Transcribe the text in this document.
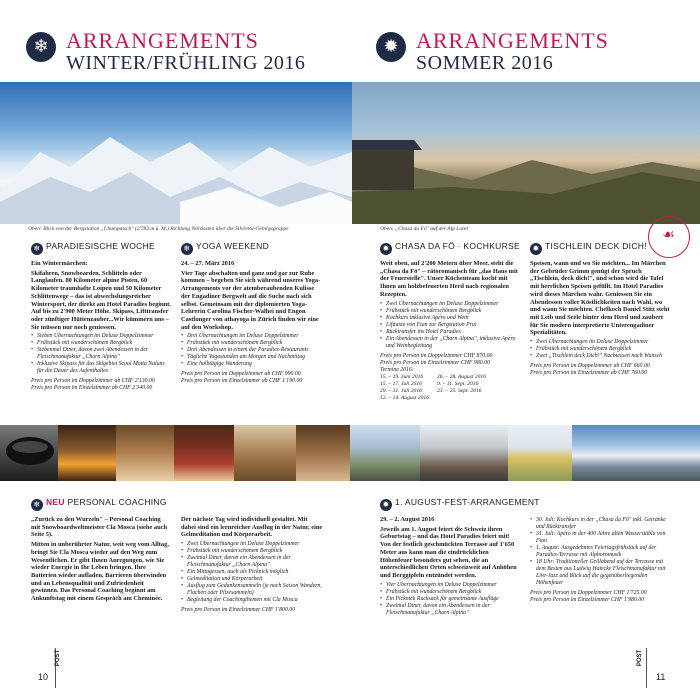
❄ ARRANGEMENTS
WINTER/FRÜHLING 2016
✹ ARRANGEMENTS
SOMMER 2016
Oben: Blick von der Bergstation „Champatsch" (2'783 m ü. M.) Richtung Nordosten über die Silvretta-Gebirgsgruppe	Oben: „Chasa da Fö" auf der Alp Laret	☙
❄ PARADIESISCHE WOCHE

Ein Wintermärchen:

Skifahren, Snowboarden, Schlitteln oder Langlaufen. 80 Kilometer alpine Pisten, 60 Kilometer traumhafte Loipen und 50 Kilometer Schlittenwege – das ist abwechslungsreicher Wintersport, der direkt am Hotel Paradies beginnt. Auf bis zu 2'900 Meter Höhe. Skipass, Lifttransfer oder zünftiger Hüttenzauber...Wir kümmern uns – Sie müssen nur noch geniessen.

• Sieben Übernachtungen im Deluxe Doppelzimmer
• Frühstück mit wunderschönem Bergblick
• Siebenmal Diner, davon zwei Abendessen in der Fleischmanufaktur „Charn Alpina"
• Inklusive Skipass für das Skigebiet Scuol Motta Naluns für die Dauer des Aufenthaltes
Preis pro Person im Doppelzimmer ab CHF 2'130.00
Preis pro Person im Einzelzimmer ab CHF 2'340.00
❄ YOGA WEEKEND

24. – 27. März 2016

Vier Tage abschalten und ganz und gar zur Ruhe kommen – begeben Sie sich während unseres Yoga-Arrangements vor der atemberaubenden Kulisse der Engadiner Bergwelt auf die Suche nach sich selbst. Gemeinsam mit der diplomierten Yoga-Lehrerin Carolina Fischer-Walhei und Engon Castlunger von athayoga in Zürich finden wir eine auf den Workshop.

• Drei Übernachtungen im Deluxe Doppelzimmer
• Frühstück mit wunderschönem Bergblick
• Drei Abendessen in einem der Paradies-Restaurants
• Tägliche Yogastunden am Morgen und Nachmittag
• Eine halbtägige Wanderung
Preis pro Person im Doppelzimmer ab CHF 990.00
Preis pro Person im Einzelzimmer ab CHF 1'190.00
✹ CHASA DA FÖ · KOCHKURSE

Weit oben, auf 2'200 Metern über Meer, steht die „Chasa da Fö" – rätoromanisch für „das Haus mit der Feuerstelle". Unser Küchenteam kocht mit Ihnen am holzbefeuerten Herd nach regionalen Rezepten.

• Zwei Übernachtungen im Deluxe Doppelzimmer
• Frühstück mit wunderschönem Bergblick
• Kochkurs inklusive Apéro und Wein
• Lifttaxte von Ftan zur Bergstation Prui
• Rücktransfer ins Hotel Paradies
• Ein Abendessen in der „Charn Alpina", inklusive Apéro und Weinbegleitung
Preis pro Person im Doppelzimmer CHF 870.00
Preis pro Person im Einzelzimmer CHF 980.00
Termine 2016:
15. – 19. Juni 2016	26. – 28. August 2016
15. – 17. Juli 2016	9. – 11. Sept. 2016
29. – 31. Juli 2016	23. – 25. Sept. 2016
12. – 14. August 2016	
✹ TISCHLEIN DECK DICH!

Speisen, wann und wo Sie möchten... Im Märchen der Gebrüder Grimm genügt der Spruch „Tischlein, deck dich!", und schon wird die Tafel mit herrlichen Speisen gefüllt. Im Hotel Paradies wird dieses Märchen wahr. Geniessen Sie ein Abendessen voller Köstlichkeiten nach Wahl, wo und wann Sie möchten. Chefkoch Daniel Stitz steht mit Leib und Seele hinter dem Herd und zaubert für Sie modern interpretierte Unterengadiner Spezialitäten.

• Zwei Übernachtungen im Deluxe Doppelzimmer
• Frühstück mit wunderschönem Bergblick
• Zwei „Tischlein deck Dich!" Nachtessen nach Wunsch
Preis pro Person im Doppelzimmer ab CHF 660.00
Preis pro Person im Einzelzimmer ab CHF 760.00
❄ NEU PERSONAL COACHING

„Zurück zu den Wurzeln" – Personal Coaching mit Snowboardweltmeister Cla Mosca (siehe auch Seite 5).

Mitten in unberührter Natur, weit weg vom Alltag, bringt Sie Cla Mosca wieder auf den Weg zum Wesentlichen. Er gibt Ihnen Anregungen, wie Sie wieder Energie in Ihr Leben bringen, Ihre Batterien wieder aufladen, Barrieren überwinden und an Lebensqualität und Zufriedenheit gewinnen. Das Personal Coaching beginnt am Ankunftstag mit einem Gespräch am Cheminée.

Der nächste Tag wird individuell gestaltet. Mit dabei sind ein lernreicher Ausflug in der Natur, eine Gelmeditation und Körperarbeit.

• Zwei Übernachtungen im Deluxe Doppelzimmer
• Frühstück mit wunderschönem Bergblick
• Zweimal Diner, davon ein Abendessen in der Fleischmanufaktur „Charn Alpina"
• Ein Mittagessen, auch als Picknick möglich
• Gelmeditation und Körperarbeit
• Ausflug zum Gedankensammeln (je nach Saison Wandern, Flachen oder Pilzesammeln)
• Begleitung der Coachingthemen mit Cla Mosca
Preis pro Person im Einzelzimmer CHF 1'800.00
✹ 1. AUGUST-FEST-ARRANGEMENT

29. – 2. August 2016

Jeweils am 1. August feiert die Schweiz ihren Geburtstag – und das Hotel Paradies feiert mit! Von der festlich geschmückten Terrasse auf 1'650 Meter aus kann man die eindrücklichen Höhenfeuer besonders gut sehen, die an unterschiedlichen Orten schweizweit auf Anhöhen und Berggipfeln entzündet werden.

• Vier Übernachtungen im Deluxe Doppelzimmer
• Frühstück mit wunderschönem Bergblick
• Ein Picknick Rucksack für gemeinsame Ausflüge
• Zweimal Diner, davon ein Abendessen in der Fleischmanufaktur „Charn Alpina"
• 30. Juli: Kochkurs in der „Chasa da Fö" inkl. Getränke und Rücktransfer
• 31. Juli: Apéro in der 400 Jahre alten Wasserstübla von Ftan
• 1. August: Ausgedehntes Feiertagsfrühstück auf der Paradies-Terrasse mit Alphornmusik
• 18 Uhr: Traditioneller Grillabend auf der Terrasse mit dem Besten aus Ludwig Hatecke Fleischmanufaktur mit Live-Jazz und Blick auf die gegenüberliegenden Höhenfeuer
Preis pro Person im Doppelzimmer CHF 1'725.00
Preis pro Person im Einzelzimmer CHF 1'980.00
10
POST	POST
11
